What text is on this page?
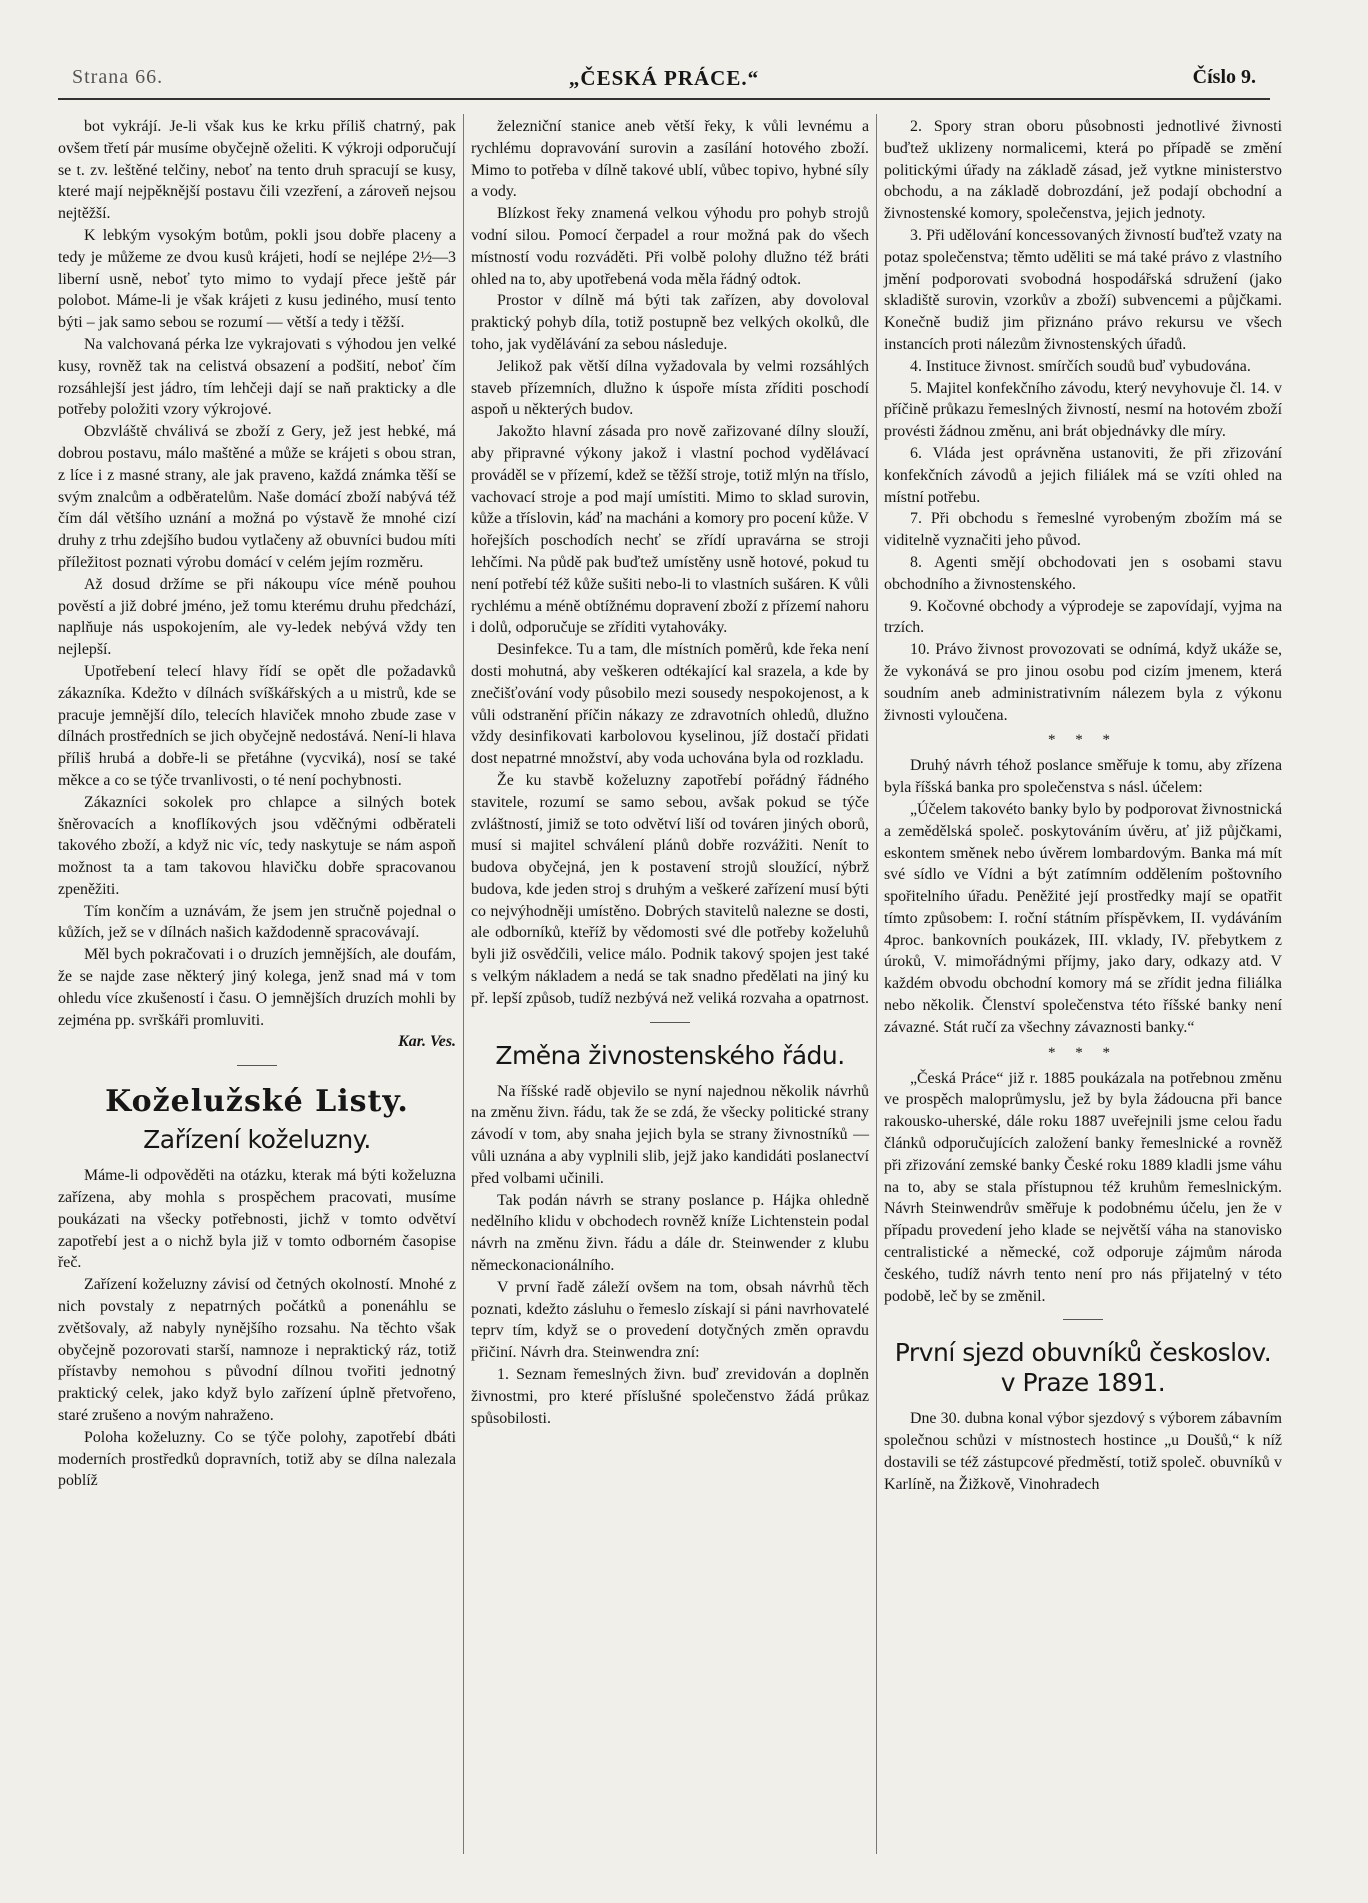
Strana 66.	„ČESKÁ PRÁCE.“	Číslo 9.

bot vykrájí. Je-li však kus ke krku příliš chatrný, pak ovšem třetí pár musíme obyčejně oželiti. K výkroji odporučují se t. zv. leštěné telčiny, neboť na tento druh spracují se kusy, které mají nejpěknější postavu čili vzezření, a zároveň nejsou nejtěžší.

K lebkým vysokým botům, pokli jsou dobře placeny a tedy je můžeme ze dvou kusů krájeti, hodí se nejlépe 2½—3 liberní usně, neboť tyto mimo to vydají přece ještě pár polobot. Máme-li je však krájeti z kusu jediného, musí tento býti – jak samo sebou se rozumí — větší a tedy i těžší.

Na valchovaná pérka lze vykrajovati s výhodou jen velké kusy, rovněž tak na celistvá obsazení a podšití, neboť čím rozsáhlejší jest jádro, tím lehčeji dají se naň prakticky a dle potřeby položiti vzory výkrojové.

Obzvláště chválivá se zboží z Gery, jež jest hebké, má dobrou postavu, málo maštěné a může se krájeti s obou stran, z líce i z masné strany, ale jak praveno, každá známka těší se svým znalcům a odběratelům. Naše domácí zboží nabývá též čím dál většího uznání a možná po výstavě že mnohé cizí druhy z trhu zdejšího budou vytlačeny až obuvníci budou míti příležitost poznati výrobu domácí v celém jejím rozměru.

Až dosud držíme se při nákoupu více méně pouhou pověstí a již dobré jméno, jež tomu kterému druhu předchází, naplňuje nás uspokojením, ale vy-ledek nebývá vždy ten nejlepší.

Upotřebení telecí hlavy řídí se opět dle požadavků zákazníka. Kdežto v dílnách svíškářských a u mistrů, kde se pracuje jemnější dílo, telecích hlaviček mnoho zbude zase v dílnách prostředních se jich obyčejně nedostává. Není-li hlava příliš hrubá a dobře-li se přetáhne (vycviká), nosí se také měkce a co se týče trvanlivosti, o té není pochybnosti.

Zákazníci sokolek pro chlapce a silných botek šněrovacích a knoflíkových jsou vděčnými odběrateli takového zboží, a když nic víc, tedy naskytuje se nám aspoň možnost ta a tam takovou hlavičku dobře spracovanou zpeněžiti.

Tím končím a uznávám, že jsem jen stručně pojednal o kůžích, jež se v dílnách našich každodenně spracovávají.

Měl bych pokračovati i o druzích jemnějších, ale doufám, že se najde zase některý jiný kolega, jenž snad má v tom ohledu více zkušeností i času. O jemnějších druzích mohli by zejména pp. svrškáři promluviti.

Kar. Ves.

Koželužské Listy.
Zařízení koželuzny.

Máme-li odpověděti na otázku, kterak má býti koželuzna zařízena, aby mohla s prospěchem pracovati, musíme poukázati na všecky potřebnosti, jichž v tomto odvětví zapotřebí jest a o nichž byla již v tomto odborném časopise řeč.

Zařízení koželuzny závisí od četných okolností. Mnohé z nich povstaly z nepatrných počátků a ponenáhlu se zvětšovaly, až nabyly nynějšího rozsahu. Na těchto však obyčejně pozorovati starší, namnoze i nepraktický ráz, totiž přístavby nemohou s původní dílnou tvořiti jednotný praktický celek, jako když bylo zařízení úplně přetvořeno, staré zrušeno a novým nahraženo.

Poloha koželuzny. Co se týče polohy, zapotřebí dbáti moderních prostředků dopravních, totiž aby se dílna nalezala poblíž

železniční stanice aneb větší řeky, k vůli levnému a rychlému dopravování surovin a zasílání hotového zboží. Mimo to potřeba v dílně takové ublí, vůbec topivo, hybné síly a vody.

Blízkost řeky znamená velkou výhodu pro pohyb strojů vodní silou. Pomocí čerpadel a rour možná pak do všech místností vodu rozváděti. Při volbě polohy dlužno též bráti ohled na to, aby upotřebená voda měla řádný odtok.

Prostor v dílně má býti tak zařízen, aby dovoloval praktický pohyb díla, totiž postupně bez velkých okolků, dle toho, jak vydělávání za sebou následuje.

Jelikož pak větší dílna vyžadovala by velmi rozsáhlých staveb přízemních, dlužno k úspoře místa zříditi poschodí aspoň u některých budov.

Jakožto hlavní zásada pro nově zařizované dílny slouží, aby připravné výkony jakož i vlastní pochod vydělávací prováděl se v přízemí, kdež se těžší stroje, totiž mlýn na tříslo, vachovací stroje a pod mají umístiti. Mimo to sklad surovin, kůže a tříslovin, káď na macháni a komory pro pocení kůže. V hořejších poschodích nechť se zřídí upravárna se stroji lehčími. Na půdě pak buďtež umístěny usně hotové, pokud tu není potřebí též kůže sušiti nebo-li to vlastních sušáren. K vůli rychlému a méně obtížnému dopravení zboží z přízemí nahoru i dolů, odporučuje se zříditi vytahováky.

Desinfekce. Tu a tam, dle místních poměrů, kde řeka není dosti mohutná, aby veškeren odtékající kal srazela, a kde by znečišťování vody působilo mezi sousedy nespokojenost, a k vůli odstranění příčin nákazy ze zdravotních ohledů, dlužno vždy desinfikovati karbolovou kyselinou, jíž dostačí přidati dost nepatrné množství, aby voda uchována byla od rozkladu.

Že ku stavbě koželuzny zapotřebí pořádný řádného stavitele, rozumí se samo sebou, avšak pokud se týče zvláštností, jimiž se toto odvětví liší od továren jiných oborů, musí si majitel schválení plánů dobře rozvážiti. Nenít to budova obyčejná, jen k postavení strojů sloužící, nýbrž budova, kde jeden stroj s druhým a veškeré zařízení musí býti co nejvýhodněji umístěno. Dobrých stavitelů nalezne se dosti, ale odborníků, kteříž by vědomosti své dle potřeby koželuhů byli již osvědčili, velice málo. Podnik takový spojen jest také s velkým nákladem a nedá se tak snadno předělati na jiný ku př. lepší způsob, tudíž nezbývá než veliká rozvaha a opatrnost.

Změna živnostenského řádu.

Na říšské radě objevilo se nyní najednou několik návrhů na změnu živn. řádu, tak že se zdá, že všecky politické strany závodí v tom, aby snaha jejich byla se strany živnostníků — vůli uznána a aby vyplnili slib, jejž jako kandidáti poslanectví před volbami učinili.

Tak podán návrh se strany poslance p. Hájka ohledně nedělního klidu v obchodech rovněž kníže Lichtenstein podal návrh na změnu živn. řádu a dále dr. Steinwender z klubu německonacionálního.

V první řadě záleží ovšem na tom, obsah návrhů těch poznati, kdežto zásluhu o řemeslo získají si páni navrhovatelé teprv tím, když se o provedení dotyčných změn opravdu přičiní. Návrh dra. Steinwendra zní:

1. Seznam řemeslných živn. buď zrevidován a doplněn živnostmi, pro které příslušné společenstvo žádá průkaz spůsobilosti.

2. Spory stran oboru působnosti jednotlivé živnosti buďtež uklizeny normalicemi, která po případě se změní politickými úřady na základě zásad, jež vytkne ministerstvo obchodu, a na základě dobrozdání, jež podají obchodní a živnostenské komory, společenstva, jejich jednoty.

3. Při udělování koncessovaných živností buďtež vzaty na potaz společenstva; těmto uděliti se má také právo z vlastního jmění podporovati svobodná hospodářská sdružení (jako skladiště surovin, vzorkův a zboží) subvencemi a půjčkami. Konečně budiž jim přiznáno právo rekursu ve všech instancích proti nálezům živnostenských úřadů.

4. Instituce živnost. smírčích soudů buď vybudována.

5. Majitel konfekčního závodu, který nevyhovuje čl. 14. v příčině průkazu řemeslných živností, nesmí na hotovém zboží provésti žádnou změnu, ani brát objednávky dle míry.

6. Vláda jest oprávněna ustanoviti, že při zřizování konfekčních závodů a jejich filiálek má se vzíti ohled na místní potřebu.

7. Při obchodu s řemeslné vyrobeným zbožím má se viditelně vyznačiti jeho původ.

8. Agenti smějí obchodovati jen s osobami stavu obchodního a živnostenského.

9. Kočovné obchody a výprodeje se zapovídají, vyjma na trzích.

10. Právo živnost provozovati se odnímá, když ukáže se, že vykonává se pro jinou osobu pod cizím jmenem, která soudním aneb administrativním nálezem byla z výkonu živnosti vyloučena.

* * *

Druhý návrh téhož poslance směřuje k tomu, aby zřízena byla říšská banka pro společenstva s násl. účelem:

„Účelem takovéto banky bylo by podporovat živnostnická a zemědělská společ. poskytováním úvěru, ať již půjčkami, eskontem směnek nebo úvěrem lombardovým. Banka má mít své sídlo ve Vídni a být zatímním oddělením poštovního spořitelního úřadu. Peněžité její prostředky mají se opatřit tímto způsobem: I. roční státním příspěvkem, II. vydáváním 4proc. bankovních poukázek, III. vklady, IV. přebytkem z úroků, V. mimořádnými příjmy, jako dary, odkazy atd. V každém obvodu obchodní komory má se zřídit jedna filiálka nebo několik. Členství společenstva této říšské banky není závazné. Stát ručí za všechny závaznosti banky.“

* * *

„Česká Práce“ již r. 1885 poukázala na potřebnou změnu ve prospěch maloprůmyslu, jež by byla žádoucna při bance rakousko-uherské, dále roku 1887 uveřejnili jsme celou řadu článků odporučujících založení banky řemeslnické a rovněž při zřizování zemské banky České roku 1889 kladli jsme váhu na to, aby se stala přístupnou též kruhům řemeslnickým. Návrh Steinwendrův směřuje k podobnému účelu, jen že v případu provedení jeho klade se největší váha na stanovisko centralistické a německé, což odporuje zájmům národa českého, tudíž návrh tento není pro nás přijatelný v této podobě, leč by se změnil.

První sjezd obuvníků českoslov. v Praze 1891.

Dne 30. dubna konal výbor sjezdový s výborem zábavním společnou schůzi v místnostech hostince „u Doušů,“ k níž dostavili se též zástupcové předměstí, totiž společ. obuvníků v Karlíně, na Žižkově, Vinohradech
